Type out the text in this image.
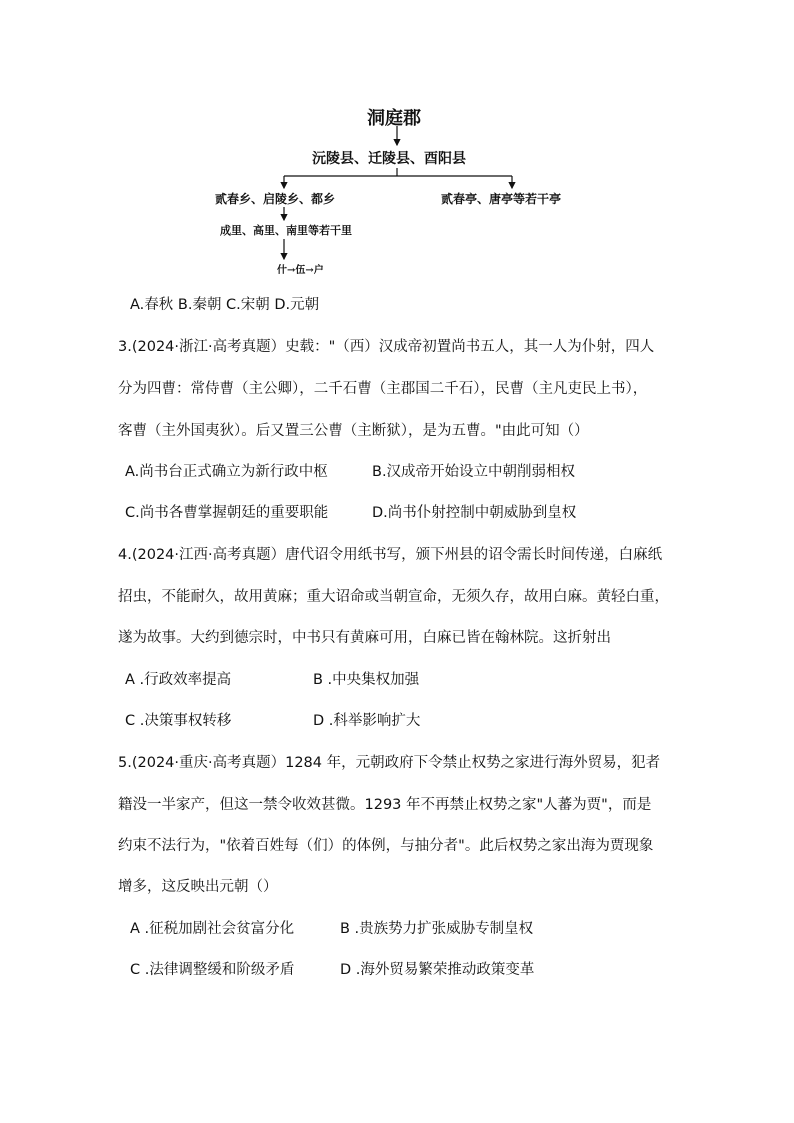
洞庭郡
沅陵县、迁陵县、酉阳县
贰春乡、启陵乡、都乡	贰春亭、唐亭等若干亭
成里、高里、南里等若干里
什→伍→户
A.春秋 B.秦朝 C.宋朝 D.元朝
3.(2024·浙江·高考真题）史载："（西）汉成帝初置尚书五人，其一人为仆射，四人
分为四曹：常侍曹（主公卿），二千石曹（主郡国二千石），民曹（主凡吏民上书），
客曹（主外国夷狄）。后又置三公曹（主断狱），是为五曹。"由此可知（）
A.尚书台正式确立为新行政中枢	B.汉成帝开始设立中朝削弱相权
C.尚书各曹掌握朝廷的重要职能	D.尚书仆射控制中朝威胁到皇权
4.(2024·江西·高考真题）唐代诏令用纸书写，颁下州县的诏令需长时间传递，白麻纸
招虫，不能耐久，故用黄麻；重大诏命或当朝宣命，无须久存，故用白麻。黄轻白重，
遂为故事。大约到德宗时，中书只有黄麻可用，白麻已皆在翰林院。这折射出
A .行政效率提高	B .中央集权加强
C .决策事权转移	D .科举影响扩大
5.(2024·重庆·高考真题）1284 年，元朝政府下令禁止权势之家进行海外贸易，犯者
籍没一半家产，但这一禁令收效甚微。1293 年不再禁止权势之家"人蕃为贾"，而是
约束不法行为，"依着百姓每（们）的体例，与抽分者"。此后权势之家出海为贾现象
增多，这反映出元朝（）
A .征税加剧社会贫富分化	B .贵族势力扩张威胁专制皇权
C .法律调整缓和阶级矛盾	D .海外贸易繁荣推动政策变革
